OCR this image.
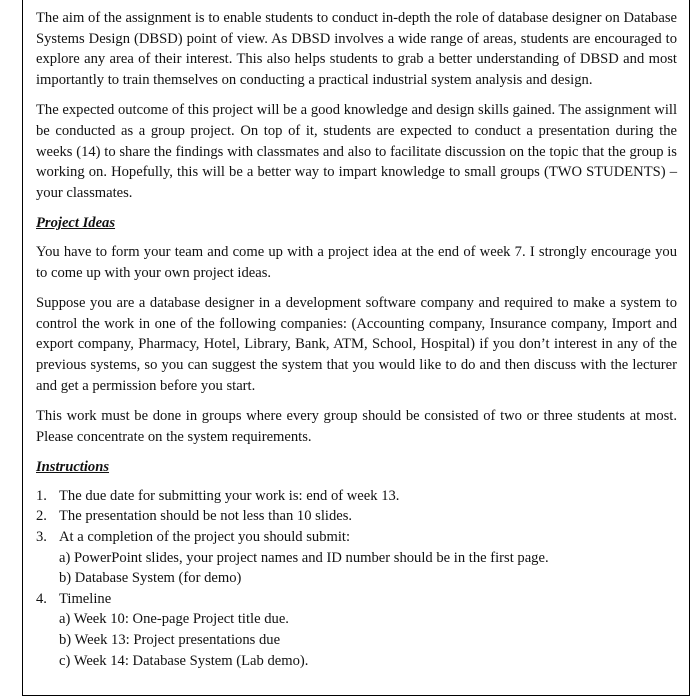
The aim of the assignment is to enable students to conduct in-depth the role of database designer on Database Systems Design (DBSD) point of view. As DBSD involves a wide range of areas, students are encouraged to explore any area of their interest. This also helps students to grab a better understanding of DBSD and most importantly to train themselves on conducting a practical industrial system analysis and design.

The expected outcome of this project will be a good knowledge and design skills gained. The assignment will be conducted as a group project. On top of it, students are expected to conduct a presentation during the weeks (14) to share the findings with classmates and also to facilitate discussion on the topic that the group is working on. Hopefully, this will be a better way to impart knowledge to small groups (TWO STUDENTS) – your classmates.

Project Ideas

You have to form your team and come up with a project idea at the end of week 7. I strongly encourage you to come up with your own project ideas.

Suppose you are a database designer in a development software company and required to make a system to control the work in one of the following companies: (Accounting company, Insurance company, Import and export company, Pharmacy, Hotel, Library, Bank, ATM, School, Hospital) if you don’t interest in any of the previous systems, so you can suggest the system that you would like to do and then discuss with the lecturer and get a permission before you start.

This work must be done in groups where every group should be consisted of two or three students at most. Please concentrate on the system requirements.

Instructions
1. The due date for submitting your work is: end of week 13.
2. The presentation should be not less than 10 slides.
3. At a completion of the project you should submit:
a) PowerPoint slides, your project names and ID number should be in the first page.
b) Database System (for demo)
4. Timeline
a) Week 10: One-page Project title due.
b) Week 13: Project presentations due
c) Week 14: Database System (Lab demo).
